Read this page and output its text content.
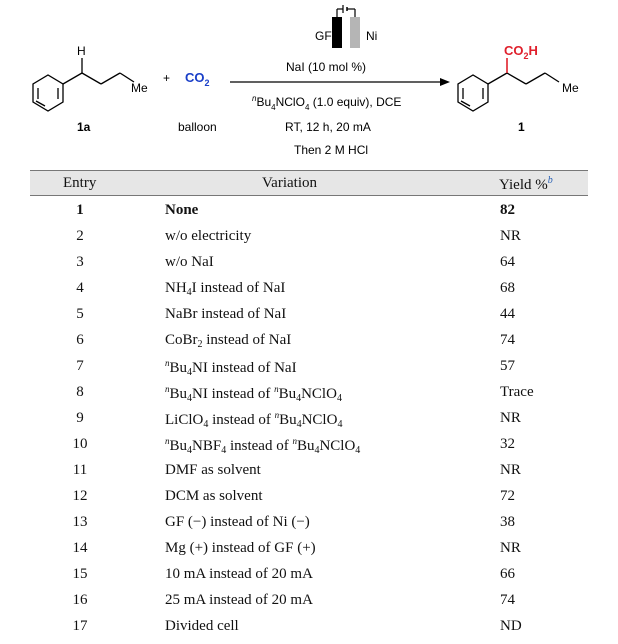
GF	Ni
H
Me
1a
+ $CO_2$
balloon
NaI (10 mol %)
$^nBu_4NClO_4$ (1.0 equiv), DCE
RT, 12 h, 20 mA
Then 2 M HCl
$CO_2H$
Me
1
Entry	Variation	Yield %$^b$
1	None	82
2	w/o electricity	NR
3	w/o NaI	64
4	$NH_4I$ instead of NaI	68
5	NaBr instead of NaI	44
6	CoBr$_2$ instead of NaI	74
7	$^nBu_4NI$ instead of NaI	57
8	$^nBu_4NI$ instead of $^nBu_4NClO_4$	Trace
9	LiClO$_4$ instead of $^nBu_4NClO_4$	NR
10	$^nBu_4NBF_4$ instead of $^nBu_4NClO_4$	32
11	DMF as solvent	NR
12	DCM as solvent	72
13	GF (−) instead of Ni (−)	38
14	Mg (+) instead of GF (+)	NR
15	10 mA instead of 20 mA	66
16	25 mA instead of 20 mA	74
17	Divided cell	ND
